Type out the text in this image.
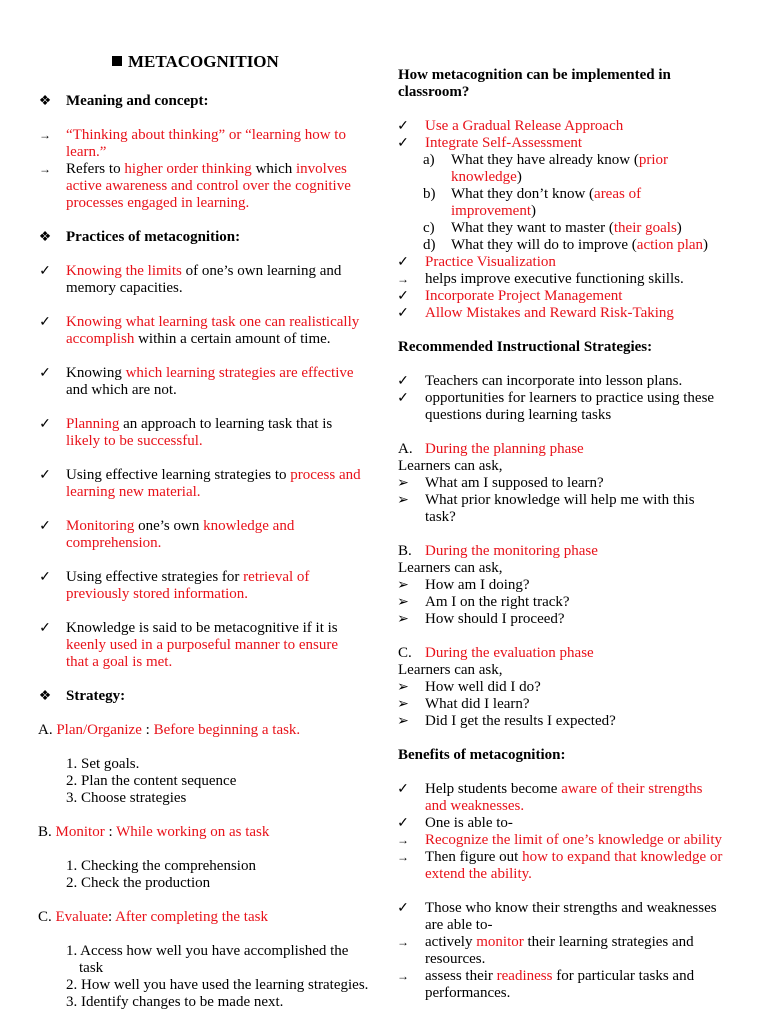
METACOGNITION
❖ Meaning and concept:
→ “Thinking about thinking” or “learning how to
learn.”
→ Refers to higher order thinking which involves
active awareness and control over the cognitive
processes engaged in learning.
❖ Practices of metacognition:
✓ Knowing the limits of one’s own learning and
memory capacities.
✓ Knowing what learning task one can realistically
accomplish within a certain amount of time.
✓ Knowing which learning strategies are effective
and which are not.
✓ Planning an approach to learning task that is
likely to be successful.
✓ Using effective learning strategies to process and
learning new material.
✓ Monitoring one’s own knowledge and
comprehension.
✓ Using effective strategies for retrieval of
previously stored information.
✓ Knowledge is said to be metacognitive if it is
keenly used in a purposeful manner to ensure
that a goal is met.
❖ Strategy:
A. Plan/Organize : Before beginning a task.
1. Set goals.
2. Plan the content sequence
3. Choose strategies
B. Monitor : While working on as task
1. Checking the comprehension
2. Check the production
C. Evaluate: After completing the task
1. Access how well you have accomplished the
task
2. How well you have used the learning strategies.
3. Identify changes to be made next.
How metacognition can be implemented in
classroom?
✓ Use a Gradual Release Approach
✓ Integrate Self-Assessment
a) What they have already know (prior
knowledge)
b) What they don’t know (areas of
improvement)
c) What they want to master (their goals)
d) What they will do to improve (action plan)
✓ Practice Visualization
→ helps improve executive functioning skills.
✓ Incorporate Project Management
✓ Allow Mistakes and Reward Risk-Taking
Recommended Instructional Strategies:
✓ Teachers can incorporate into lesson plans.
✓ opportunities for learners to practice using these
questions during learning tasks
A. During the planning phase
Learners can ask,
➢ What am I supposed to learn?
➢ What prior knowledge will help me with this
task?
B. During the monitoring phase
Learners can ask,
➢ How am I doing?
➢ Am I on the right track?
➢ How should I proceed?
C. During the evaluation phase
Learners can ask,
➢ How well did I do?
➢ What did I learn?
➢ Did I get the results I expected?
Benefits of metacognition:
✓ Help students become aware of their strengths
and weaknesses.
✓ One is able to-
→ Recognize the limit of one’s knowledge or ability
→ Then figure out how to expand that knowledge or
extend the ability.
✓ Those who know their strengths and weaknesses
are able to-
→ actively monitor their learning strategies and
resources.
→ assess their readiness for particular tasks and
performances.
